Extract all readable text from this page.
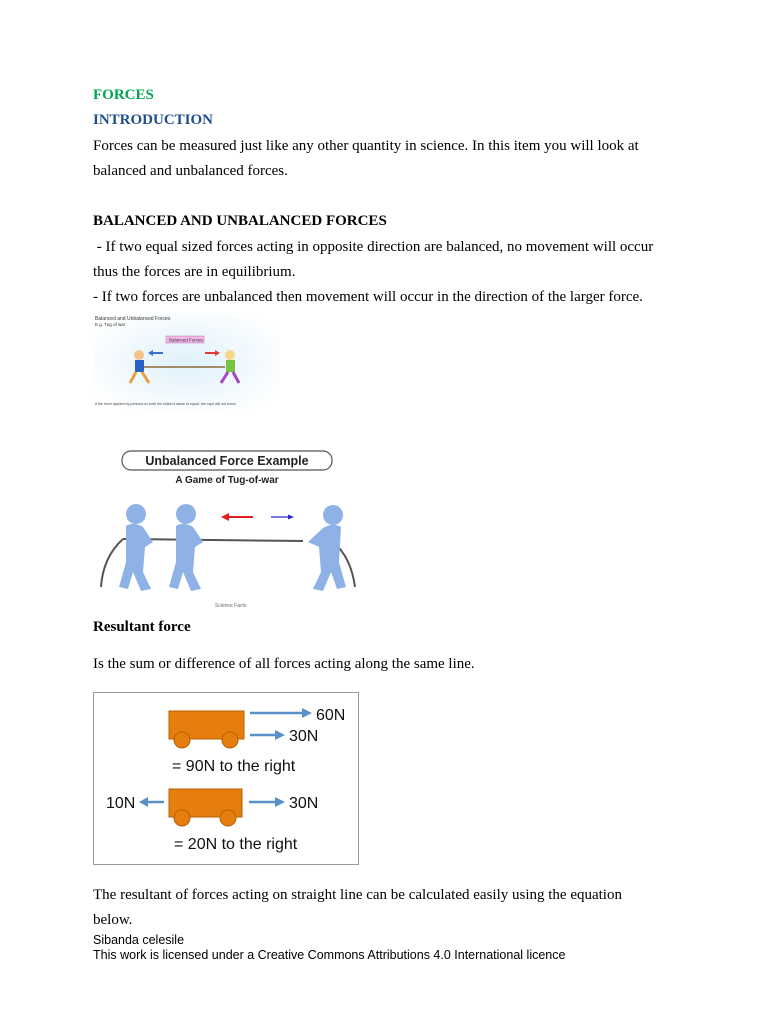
FORCES
INTRODUCTION
Forces can be measured just like any other quantity in science. In this item you will look at
balanced and unbalanced forces.
BALANCED AND UNBALANCED FORCES
- If two equal sized forces acting in opposite direction are balanced, no movement will occur
thus the forces are in equilibrium.
- If two forces are unbalanced then movement will occur in the direction of the larger force.
Balanced and Unbalanced Forces
E.g. Tug of war
Balanced Forces
If the force applied by persons on both the sides is same or equal, the rope will not move
Unbalanced Force Example
A Game of Tug-of-war
Science Facts
Resultant force
Is the sum or difference of all forces acting along the same line.
60N
30N
= 90N to the right
10N	30N
= 20N to the right
The resultant of forces acting on straight line can be calculated easily using the equation
below.
Sibanda celesile
This work is licensed under a Creative Commons Attributions 4.0 International licence
